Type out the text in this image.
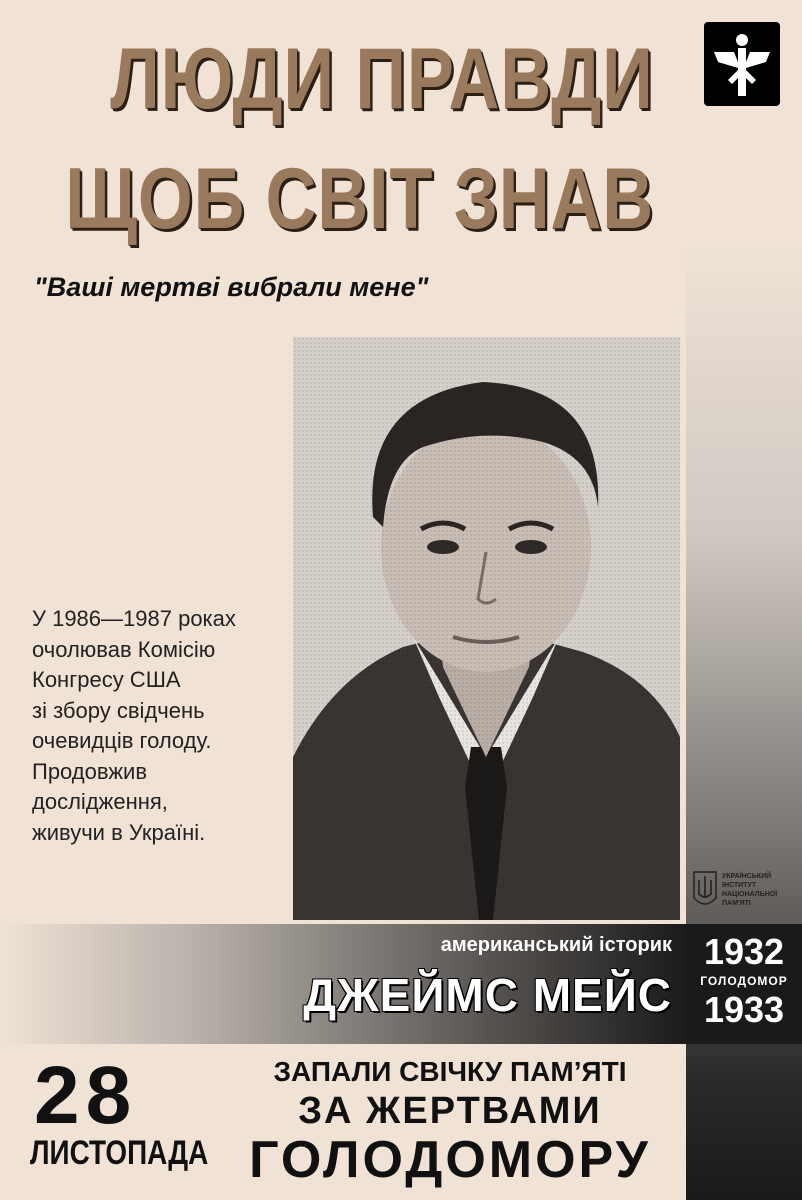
ЛЮДИ ПРАВДИ
ЩОБ СВІТ ЗНАВ
"Ваші мертві вибрали мене"
У 1986—1987 роках
очолював Комісію
Конгресу США
зі збору свідчень
очевидців голоду.
Продовжив
дослідження,
живучи в Україні.
УКРАЇНСЬКИЙ
ІНСТИТУТ
НАЦІОНАЛЬНОЇ
ПАМ'ЯТІ
американський історик
ДЖЕЙМС МЕЙС
1932
ГОЛОДОМОР
1933
28
ЛИСТОПАДА
ЗАПАЛИ СВІЧКУ ПАМ’ЯТІ
ЗА ЖЕРТВАМИ
ГОЛОДОМОРУ
